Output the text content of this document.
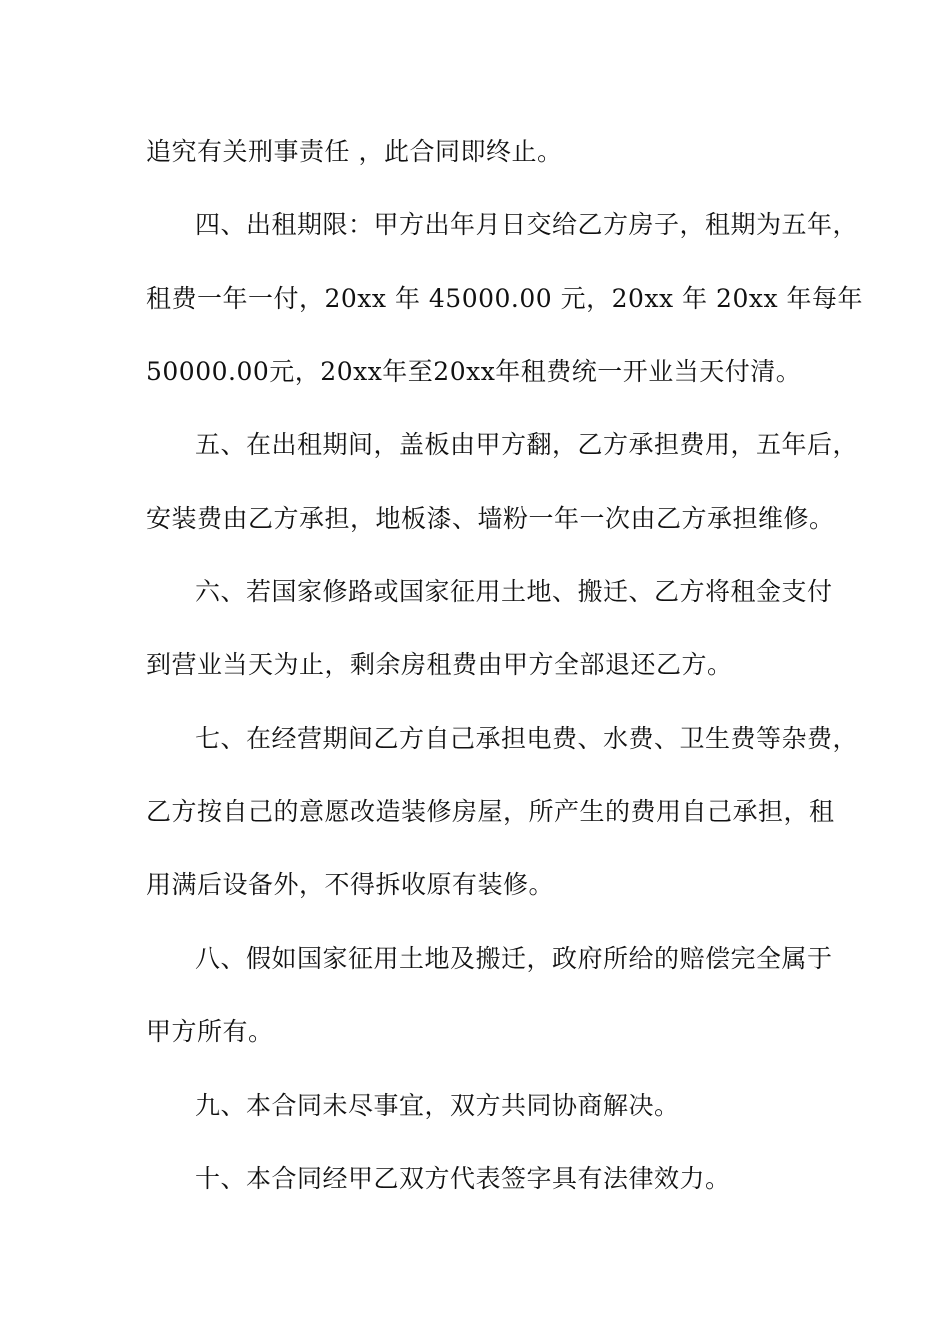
追究有关刑事责任 ，此合同即终止。
四、出租期限：甲方出年月日交给乙方房子，租期为五年，
租费一年一付，20xx 年 45000.00 元，20xx 年 20xx 年每年
50000.00元，20xx年至20xx年租费统一开业当天付清。
五、在出租期间，盖板由甲方翻，乙方承担费用，五年后，
安装费由乙方承担，地板漆、墙粉一年一次由乙方承担维修。
六、若国家修路或国家征用土地、搬迁、乙方将租金支付
到营业当天为止，剩余房租费由甲方全部退还乙方。
七、在经营期间乙方自己承担电费、水费、卫生费等杂费，
乙方按自己的意愿改造装修房屋，所产生的费用自己承担，租
用满后设备外，不得拆收原有装修。
八、假如国家征用土地及搬迁，政府所给的赔偿完全属于
甲方所有。
九、本合同未尽事宜，双方共同协商解决。
十、本合同经甲乙双方代表签字具有法律效力。
